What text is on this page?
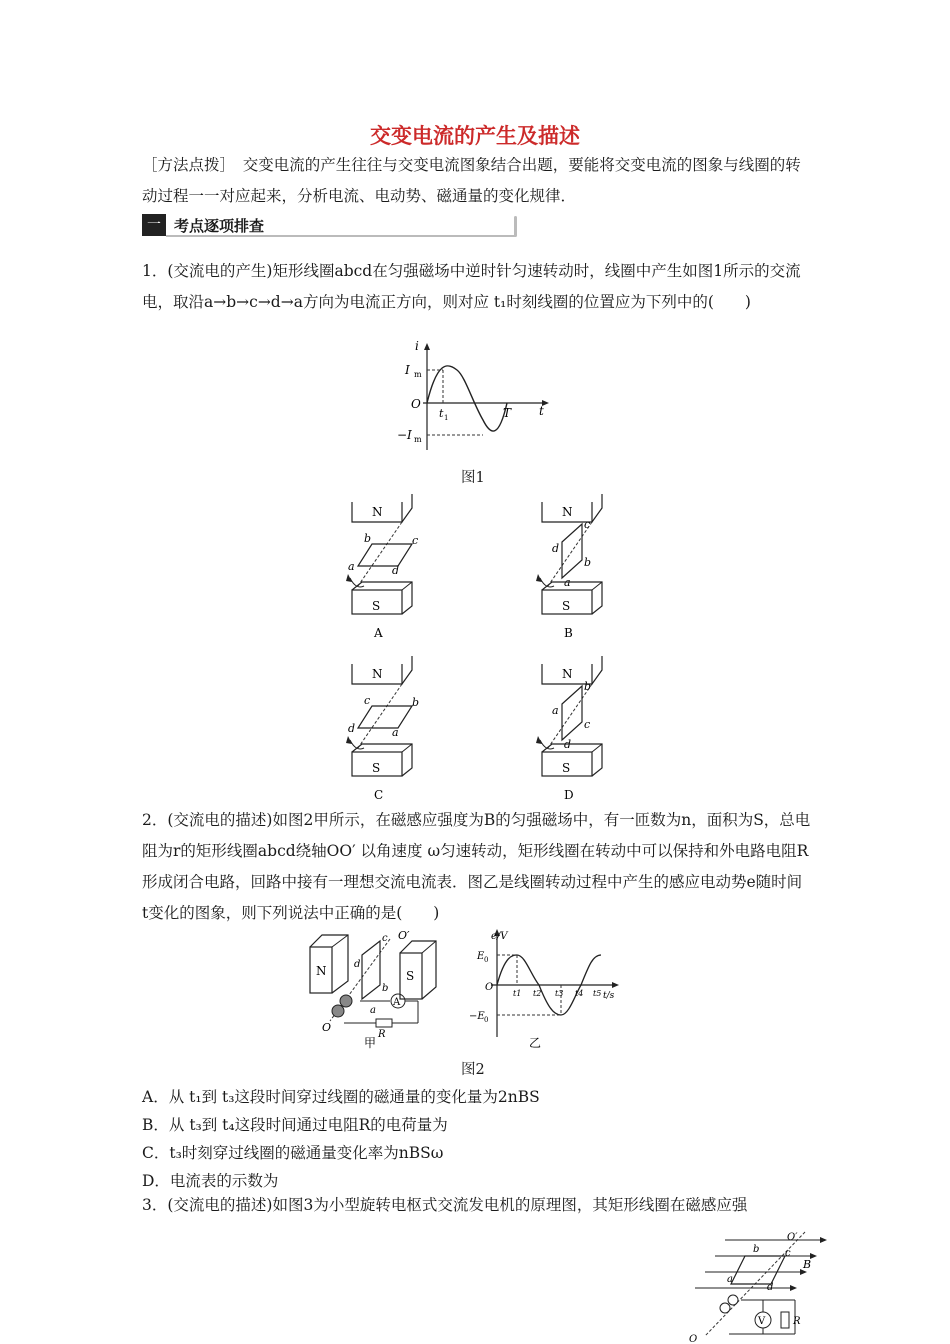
交变电流的产生及描述
［方法点拨］　交变电流的产生往往与交变电流图象结合出题，要能将交变电流的图象与线圈的转动过程一一对应起来，分析电流、电动势、磁通量的变化规律．
一 考点逐项排查
1．(交流电的产生)矩形线圈abcd在匀强磁场中逆时针匀速转动时，线圈中产生如图1所示的交流电，取沿a→b→c→d→a方向为电流正方向，则对应 t₁时刻线圈的位置应为下列中的(　　)
i
t
O
I m
−I m
t 1	T
图1
N
b	c
a	d
S
A
N
c
d
b
a
S
B
N
c	b
d	a
S
C
N
b
a
c
d
S
D
2．(交流电的描述)如图2甲所示，在磁感应强度为B的匀强磁场中，有一匝数为n，面积为S，总电阻为r的矩形线圈abcd绕轴OO′ 以角速度 ω匀速转动，矩形线圈在转动中可以保持和外电路电阻R形成闭合电路，回路中接有一理想交流电流表．图乙是线圈转动过程中产生的感应电动势e随时间 t变化的图象，则下列说法中正确的是(　　)
N	S
c
d
b
a
O′
O
A
R
甲
e/V
t/s
O
E 0
−E 0
t1 t2 t3 t4 t5
乙
图2
A．从 t₁到 t₃这段时间穿过线圈的磁通量的变化量为2nBS
B．从 t₃到 t₄这段时间通过电阻R的电荷量为
C．t₃时刻穿过线圈的磁通量变化率为nBSω
D．电流表的示数为
3．(交流电的描述)如图3为小型旋转电枢式交流发电机的原理图，其矩形线圈在磁感应强
b	c
a
d
B
O′
O
V	R
